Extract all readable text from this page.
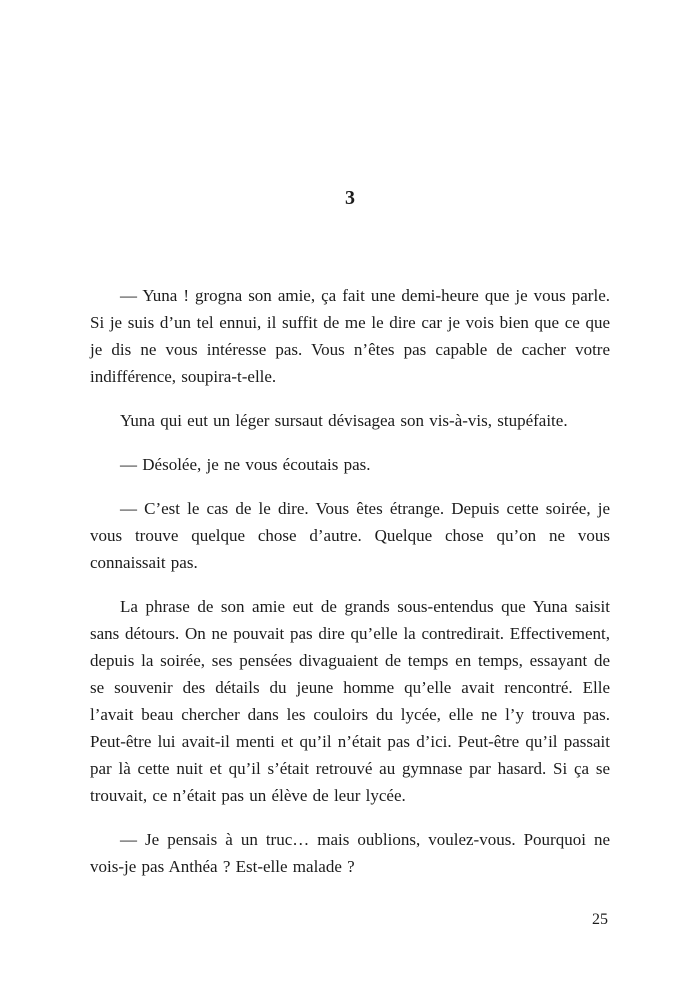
3

— Yuna ! grogna son amie, ça fait une demi-heure que je vous parle. Si je suis d’un tel ennui, il suffit de me le dire car je vois bien que ce que je dis ne vous intéresse pas. Vous n’êtes pas capable de cacher votre indifférence, soupira-t-elle.

Yuna qui eut un léger sursaut dévisagea son vis-à-vis, stupéfaite.

— Désolée, je ne vous écoutais pas.

— C’est le cas de le dire. Vous êtes étrange. Depuis cette soirée, je vous trouve quelque chose d’autre. Quelque chose qu’on ne vous connaissait pas.

La phrase de son amie eut de grands sous-entendus que Yuna saisit sans détours. On ne pouvait pas dire qu’elle la contredirait. Effectivement, depuis la soirée, ses pensées divaguaient de temps en temps, essayant de se souvenir des détails du jeune homme qu’elle avait rencontré. Elle l’avait beau chercher dans les couloirs du lycée, elle ne l’y trouva pas. Peut-être lui avait-il menti et qu’il n’était pas d’ici. Peut-être qu’il passait par là cette nuit et qu’il s’était retrouvé au gymnase par hasard. Si ça se trouvait, ce n’était pas un élève de leur lycée.

— Je pensais à un truc… mais oublions, voulez-vous. Pourquoi ne vois-je pas Anthéa ? Est-elle malade ?

25
